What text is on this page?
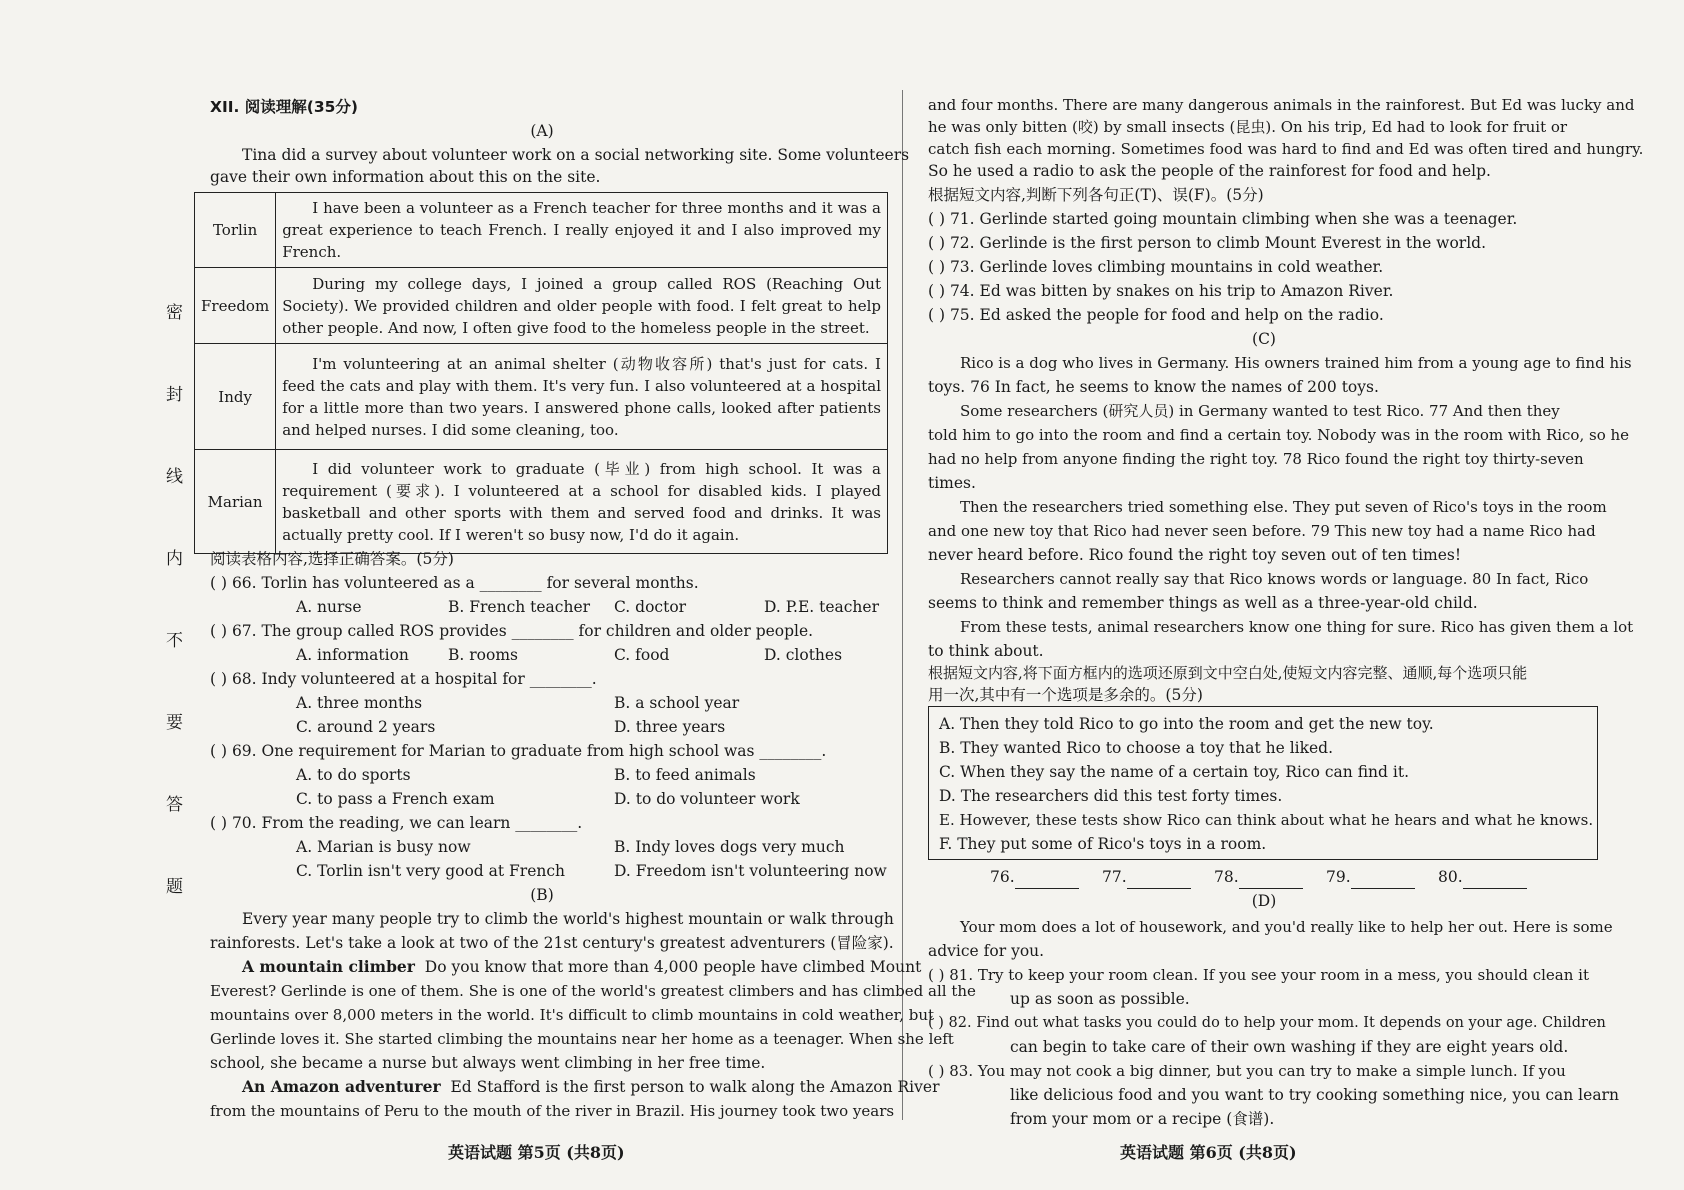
密
封
线
内
不
要
答
题
XII. 阅读理解(35分)
(A)
Tina did a survey about volunteer work on a social networking site. Some volunteers
gave their own information about this on the site.
Torlin	I have been a volunteer as a French teacher for three months and it was a great experience to teach French. I really enjoyed it and I also improved my French.
Freedom	During my college days, I joined a group called ROS (Reaching Out Society). We provided children and older people with food. I felt great to help other people. And now, I often give food to the homeless people in the street.
Indy	I'm volunteering at an animal shelter (动物收容所) that's just for cats. I feed the cats and play with them. It's very fun. I also volunteered at a hospital for a little more than two years. I answered phone calls, looked after patients and helped nurses. I did some cleaning, too.
Marian	I did volunteer work to graduate (毕业) from high school. It was a requirement (要求). I volunteered at a school for disabled kids. I played basketball and other sports with them and served food and drinks. It was actually pretty cool. If I weren't so busy now, I'd do it again.
阅读表格内容,选择正确答案。(5分)
( ) 66. Torlin has volunteered as a ________ for several months.
A. nurse	B. French teacher C. doctor	D. P.E. teacher
( ) 67. The group called ROS provides ________ for children and older people.
A. information	B. rooms	C. food	D. clothes
( ) 68. Indy volunteered at a hospital for ________.
A. three months	B. a school year
C. around 2 years	D. three years
( ) 69. One requirement for Marian to graduate from high school was ________.
A. to do sports	B. to feed animals
C. to pass a French exam	D. to do volunteer work
( ) 70. From the reading, we can learn ________.
A. Marian is busy now	B. Indy loves dogs very much
C. Torlin isn't very good at French	D. Freedom isn't volunteering now
(B)
Every year many people try to climb the world's highest mountain or walk through
rainforests. Let's take a look at two of the 21st century's greatest adventurers (冒险家).
A mountain climber Do you know that more than 4,000 people have climbed Mount
Everest? Gerlinde is one of them. She is one of the world's greatest climbers and has climbed all the
mountains over 8,000 meters in the world. It's difficult to climb mountains in cold weather, but
Gerlinde loves it. She started climbing the mountains near her home as a teenager. When she left
school, she became a nurse but always went climbing in her free time.
An Amazon adventurer Ed Stafford is the first person to walk along the Amazon River
from the mountains of Peru to the mouth of the river in Brazil. His journey took two years
英语试题 第5页 (共8页)
and four months. There are many dangerous animals in the rainforest. But Ed was lucky and
he was only bitten (咬) by small insects (昆虫). On his trip, Ed had to look for fruit or
catch fish each morning. Sometimes food was hard to find and Ed was often tired and hungry.
So he used a radio to ask the people of the rainforest for food and help.
根据短文内容,判断下列各句正(T)、误(F)。(5分)
( ) 71. Gerlinde started going mountain climbing when she was a teenager.
( ) 72. Gerlinde is the first person to climb Mount Everest in the world.
( ) 73. Gerlinde loves climbing mountains in cold weather.
( ) 74. Ed was bitten by snakes on his trip to Amazon River.
( ) 75. Ed asked the people for food and help on the radio.
(C)
Rico is a dog who lives in Germany. His owners trained him from a young age to find his
toys. 76 In fact, he seems to know the names of 200 toys.
Some researchers (研究人员) in Germany wanted to test Rico. 77 And then they
told him to go into the room and find a certain toy. Nobody was in the room with Rico, so he
had no help from anyone finding the right toy. 78 Rico found the right toy thirty-seven
times.
Then the researchers tried something else. They put seven of Rico's toys in the room
and one new toy that Rico had never seen before. 79 This new toy had a name Rico had
never heard before. Rico found the right toy seven out of ten times!
Researchers cannot really say that Rico knows words or language. 80 In fact, Rico
seems to think and remember things as well as a three-year-old child.
From these tests, animal researchers know one thing for sure. Rico has given them a lot
to think about.
根据短文内容,将下面方框内的选项还原到文中空白处,使短文内容完整、通顺,每个选项只能
用一次,其中有一个选项是多余的。(5分)
A. Then they told Rico to go into the room and get the new toy.
B. They wanted Rico to choose a toy that he liked.
C. When they say the name of a certain toy, Rico can find it.
D. The researchers did this test forty times.
E. However, these tests show Rico can think about what he hears and what he knows.
F. They put some of Rico's toys in a room.
76.	77.	78.	79.	80.
(D)
Your mom does a lot of housework, and you'd really like to help her out. Here is some
advice for you.
( ) 81. Try to keep your room clean. If you see your room in a mess, you should clean it
up as soon as possible.
( ) 82. Find out what tasks you could do to help your mom. It depends on your age. Children
can begin to take care of their own washing if they are eight years old.
( ) 83. You may not cook a big dinner, but you can try to make a simple lunch. If you
like delicious food and you want to try cooking something nice, you can learn
from your mom or a recipe (食谱).
英语试题 第6页 (共8页)
